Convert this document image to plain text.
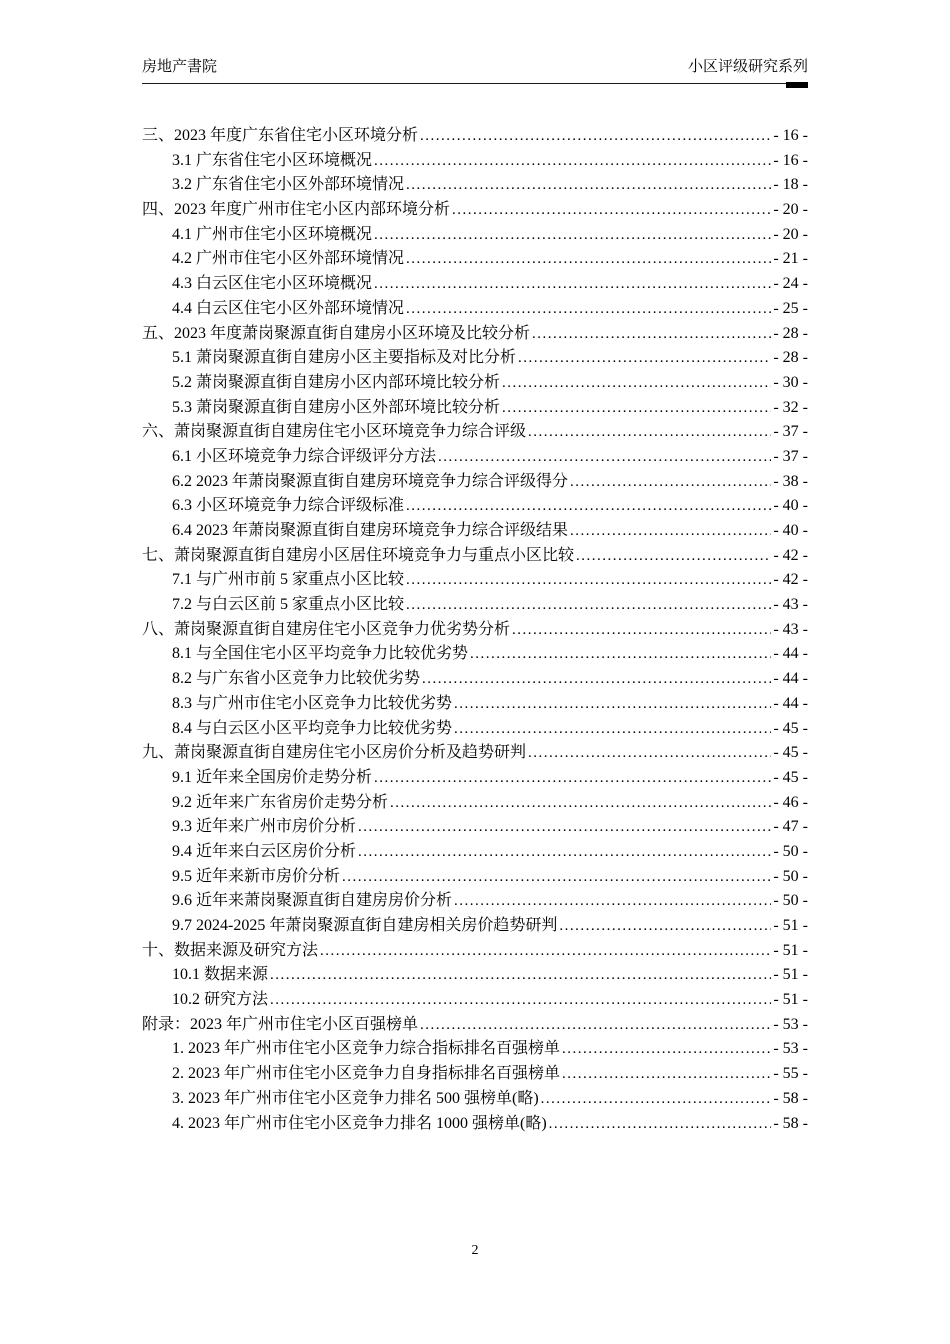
房地产書院	小区评级研究系列
三、2023 年度广东省住宅小区环境分析 .....	- 16 -
3.1 广东省住宅小区环境概况 .....	- 16 -
3.2 广东省住宅小区外部环境情况 .....	- 18 -
四、2023 年度广州市住宅小区内部环境分析 .....	- 20 -
4.1 广州市住宅小区环境概况 .....	- 20 -
4.2 广州市住宅小区外部环境情况 .....	- 21 -
4.3 白云区住宅小区环境概况 .....	- 24 -
4.4 白云区住宅小区外部环境情况 .....	- 25 -
五、2023 年度萧岗聚源直街自建房小区环境及比较分析 .....	- 28 -
5.1 萧岗聚源直街自建房小区主要指标及对比分析 .....	- 28 -
5.2 萧岗聚源直街自建房小区内部环境比较分析 .....	- 30 -
5.3 萧岗聚源直街自建房小区外部环境比较分析 .....	- 32 -
六、萧岗聚源直街自建房住宅小区环境竞争力综合评级 .....	- 37 -
6.1 小区环境竞争力综合评级评分方法 .....	- 37 -
6.2 2023 年萧岗聚源直街自建房环境竞争力综合评级得分 .....	- 38 -
6.3 小区环境竞争力综合评级标准 .....	- 40 -
6.4 2023 年萧岗聚源直街自建房环境竞争力综合评级结果 .....	- 40 -
七、萧岗聚源直街自建房小区居住环境竞争力与重点小区比较 .....	- 42 -
7.1 与广州市前 5 家重点小区比较 .....	- 42 -
7.2 与白云区前 5 家重点小区比较 .....	- 43 -
八、萧岗聚源直街自建房住宅小区竞争力优劣势分析 .....	- 43 -
8.1 与全国住宅小区平均竞争力比较优劣势 .....	- 44 -
8.2 与广东省小区竞争力比较优劣势 .....	- 44 -
8.3 与广州市住宅小区竞争力比较优劣势 .....	- 44 -
8.4 与白云区小区平均竞争力比较优劣势 .....	- 45 -
九、萧岗聚源直街自建房住宅小区房价分析及趋势研判 .....	- 45 -
9.1 近年来全国房价走势分析 .....	- 45 -
9.2 近年来广东省房价走势分析 .....	- 46 -
9.3 近年来广州市房价分析 .....	- 47 -
9.4 近年来白云区房价分析 .....	- 50 -
9.5 近年来新市房价分析 .....	- 50 -
9.6 近年来萧岗聚源直街自建房房价分析 .....	- 50 -
9.7 2024-2025 年萧岗聚源直街自建房相关房价趋势研判 .....	- 51 -
十、数据来源及研究方法 .....	- 51 -
10.1 数据来源 .....	- 51 -
10.2 研究方法 .....	- 51 -
附录：2023 年广州市住宅小区百强榜单 .....	- 53 -
1. 2023 年广州市住宅小区竞争力综合指标排名百强榜单 .....	- 53 -
2. 2023 年广州市住宅小区竞争力自身指标排名百强榜单 .....	- 55 -
3. 2023 年广州市住宅小区竞争力排名 500 强榜单(略) .....	- 58 -
4. 2023 年广州市住宅小区竞争力排名 1000 强榜单(略) .....	- 58 -
2
